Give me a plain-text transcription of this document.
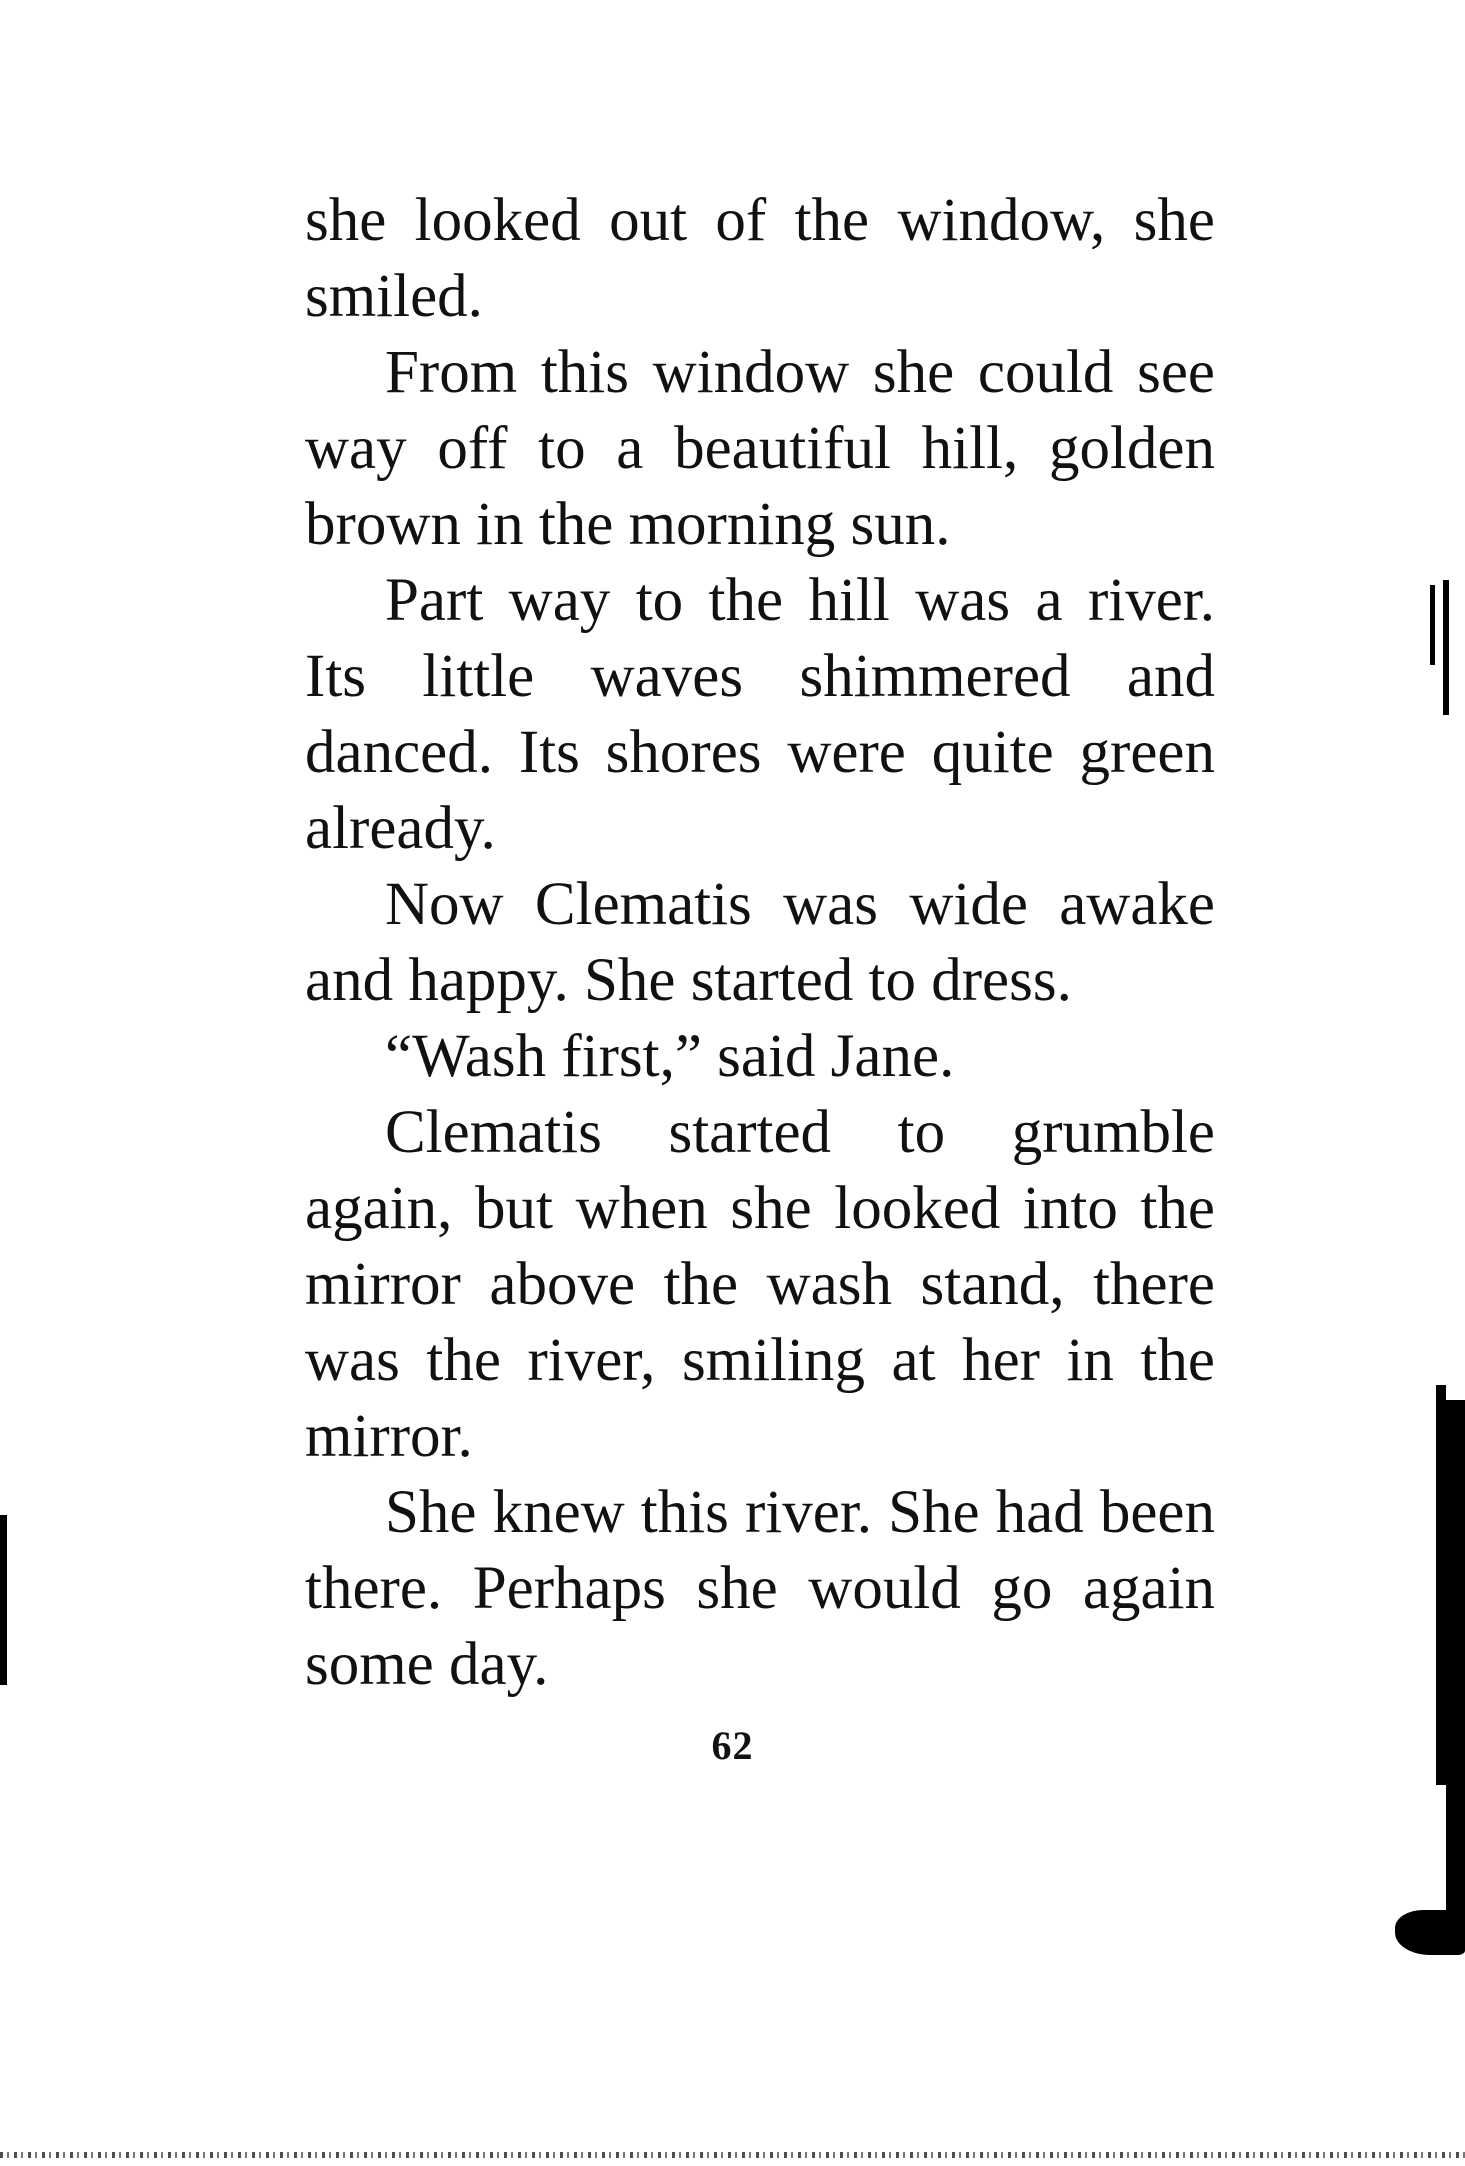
she looked out of the window, she smiled.

From this window she could see way off to a beautiful hill, golden brown in the morning sun.

Part way to the hill was a river. Its little waves shimmered and danced. Its shores were quite green already.

Now Clematis was wide awake and happy. She started to dress.

“Wash first,” said Jane.

Clematis started to grumble again, but when she looked into the mirror above the wash stand, there was the river, smiling at her in the mirror.

She knew this river. She had been there. Perhaps she would go again some day.

62
